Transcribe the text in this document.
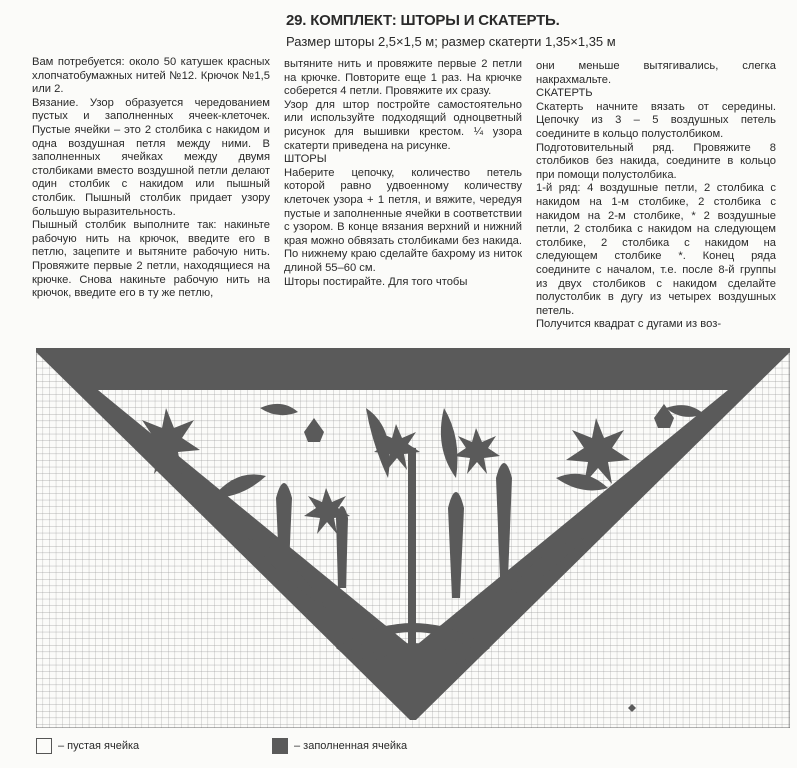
29. КОМПЛЕКТ: ШТОРЫ И СКАТЕРТЬ.
Размер шторы 2,5×1,5 м; размер скатерти 1,35×1,35 м

Вам потребуется: около 50 катушек красных хлопчатобумажных нитей №12. Крючок №1,5 или 2.

Вязание. Узор образуется чередованием пустых и заполненных ячеек-клеточек. Пустые ячейки – это 2 столбика с накидом и одна воздушная петля между ними. В заполненных ячейках между двумя столбиками вместо воздушной петли делают один столбик с накидом или пышный столбик. Пышный столбик придает узору большую выразительность.

Пышный столбик выполните так: накиньте рабочую нить на крючок, введите его в петлю, зацепите и вытяните рабочую нить. Провяжите первые 2 петли, находящиеся на крючке. Снова накиньте рабочую нить на крючок, введите его в ту же петлю,

вытяните нить и провяжите первые 2 петли на крючке. Повторите еще 1 раз. На крючке соберется 4 петли. Провяжите их сразу.

Узор для штор постройте самостоятельно или используйте подходящий одноцветный рисунок для вышивки крестом. ¼ узора скатерти приведена на рисунке.

ШТОРЫ

Наберите цепочку, количество петель которой равно удвоенному количеству клеточек узора + 1 петля, и вяжите, чередуя пустые и заполненные ячейки в соответствии с узором. В конце вязания верхний и нижний края можно обвязать столбиками без накида. По нижнему краю сделайте бахрому из ниток длиной 55–60 см.

Шторы постирайте. Для того чтобы

они меньше вытягивались, слегка накрахмальте.

СКАТЕРТЬ

Скатерть начните вязать от середины. Цепочку из 3 – 5 воздушных петель соедините в кольцо полустолбиком.

Подготовительный ряд. Провяжите 8 столбиков без накида, соедините в кольцо при помощи полустолбика.

1-й ряд: 4 воздушные петли, 2 столбика с накидом на 1-м столбике, 2 столбика с накидом на 2-м столбике, * 2 воздушные петли, 2 столбика с накидом на следующем столбике, 2 столбика с накидом на следующем столбике *. Конец ряда соедините с началом, т.е. после 8-й группы из двух столбиков с накидом сделайте полустолбик в дугу из четырех воздушных петель.

Получится квадрат с дугами из воз-

– пустая ячейка	– заполненная ячейка
